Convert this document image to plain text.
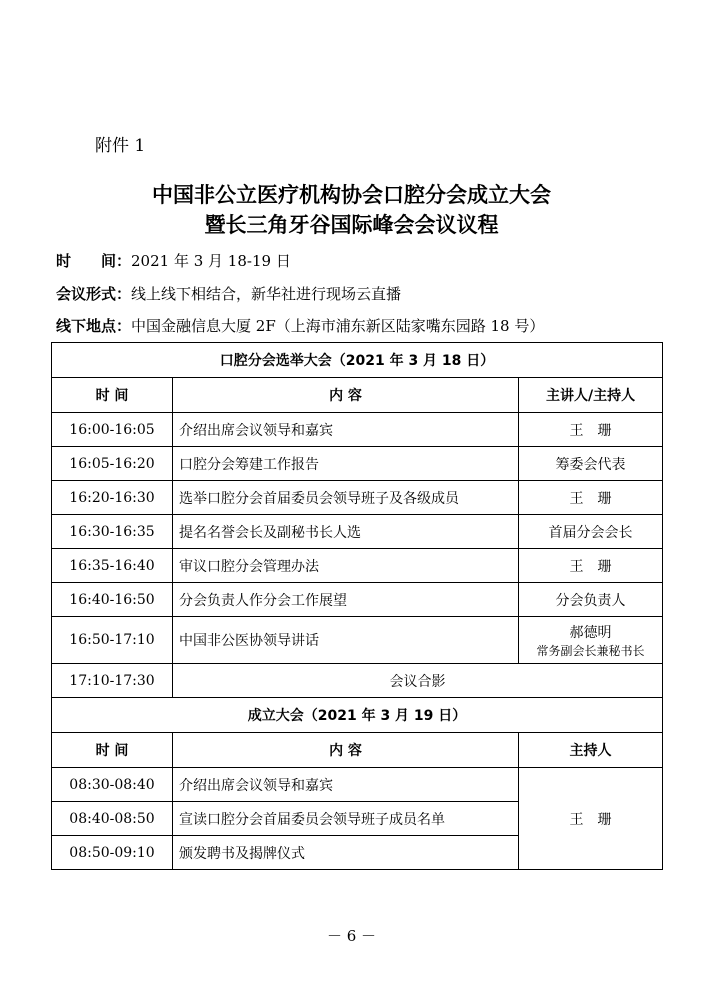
附件 1
中国非公立医疗机构协会口腔分会成立大会
暨长三角牙谷国际峰会会议议程
时　　间：2021 年 3 月 18-19 日
会议形式：线上线下相结合，新华社进行现场云直播
线下地点：中国金融信息大厦 2F（上海市浦东新区陆家嘴东园路 18 号）
口腔分会选举大会（2021 年 3 月 18 日）		
时 间	内 容	主讲人/主持人
16:00-16:05	介绍出席会议领导和嘉宾	王　珊
16:05-16:20	口腔分会筹建工作报告	筹委会代表
16:20-16:30	选举口腔分会首届委员会领导班子及各级成员	王　珊
16:30-16:35	提名名誉会长及副秘书长人选	首届分会会长
16:35-16:40	审议口腔分会管理办法	王　珊
16:40-16:50	分会负责人作分会工作展望	分会负责人
16:50-17:10	中国非公医协领导讲话	郝德明
常务副会长兼秘书长

17:10-17:30	会议合影	
成立大会（2021 年 3 月 19 日）		
时 间	内 容	主持人
08:30-08:40	介绍出席会议领导和嘉宾	王　珊
08:40-08:50	宣读口腔分会首届委员会领导班子成员名单	
08:50-09:10	颁发聘书及揭牌仪式	
－ 6 －
